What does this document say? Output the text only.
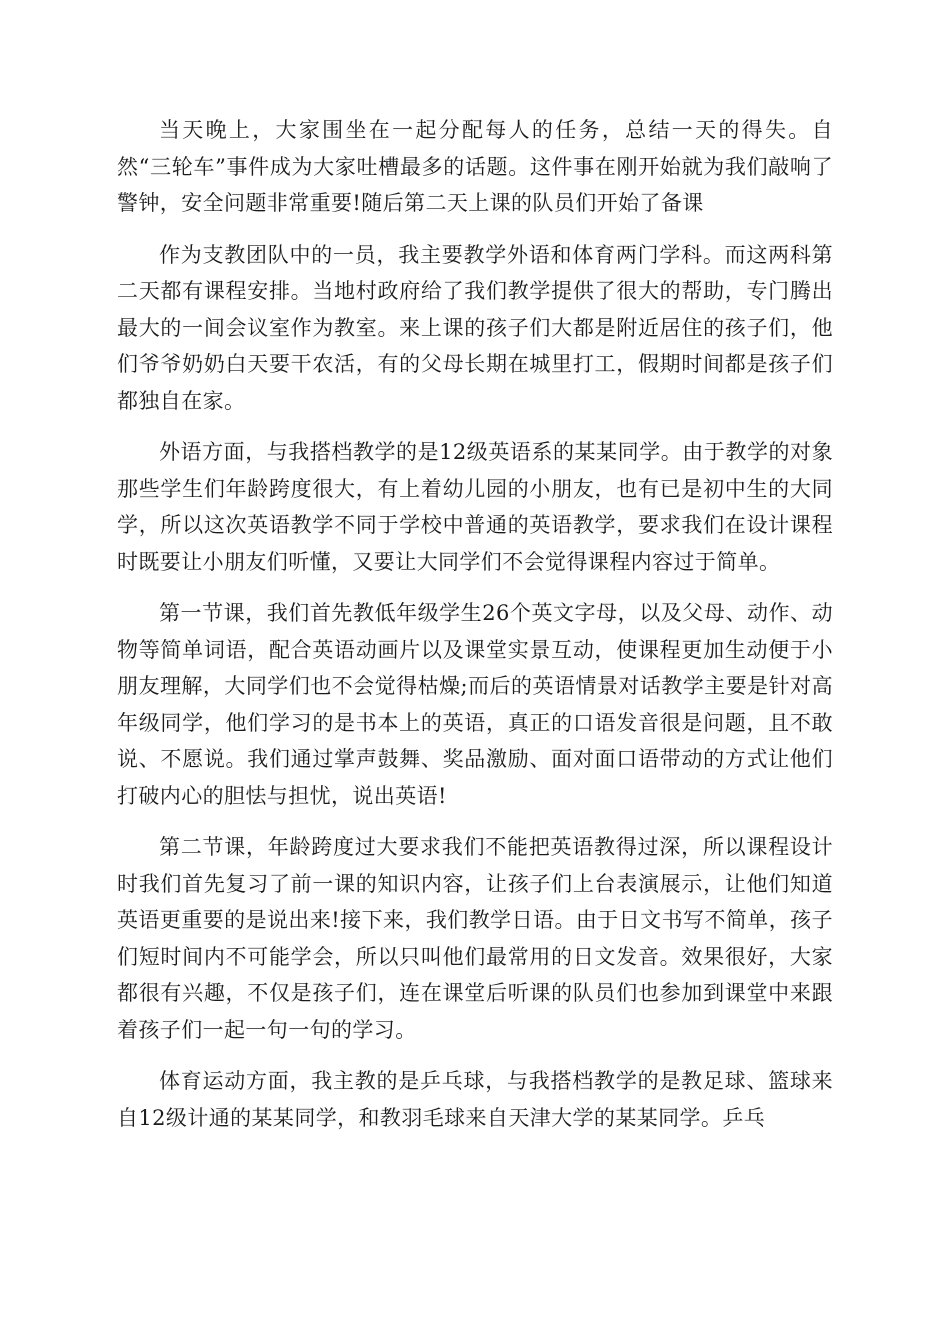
当天晚上，大家围坐在一起分配每人的任务，总结一天的得失。自然“三轮车”事件成为大家吐槽最多的话题。这件事在刚开始就为我们敲响了警钟，安全问题非常重要!随后第二天上课的队员们开始了备课

作为支教团队中的一员，我主要教学外语和体育两门学科。而这两科第二天都有课程安排。当地村政府给了我们教学提供了很大的帮助，专门腾出最大的一间会议室作为教室。来上课的孩子们大都是附近居住的孩子们，他们爷爷奶奶白天要干农活，有的父母长期在城里打工，假期时间都是孩子们都独自在家。

外语方面，与我搭档教学的是12级英语系的某某同学。由于教学的对象那些学生们年龄跨度很大，有上着幼儿园的小朋友，也有已是初中生的大同学，所以这次英语教学不同于学校中普通的英语教学，要求我们在设计课程时既要让小朋友们听懂，又要让大同学们不会觉得课程内容过于简单。

第一节课，我们首先教低年级学生26个英文字母，以及父母、动作、动物等简单词语，配合英语动画片以及课堂实景互动，使课程更加生动便于小朋友理解，大同学们也不会觉得枯燥;而后的英语情景对话教学主要是针对高年级同学，他们学习的是书本上的英语，真正的口语发音很是问题，且不敢说、不愿说。我们通过掌声鼓舞、奖品激励、面对面口语带动的方式让他们打破内心的胆怯与担忧，说出英语!

第二节课，年龄跨度过大要求我们不能把英语教得过深，所以课程设计时我们首先复习了前一课的知识内容，让孩子们上台表演展示，让他们知道英语更重要的是说出来!接下来，我们教学日语。由于日文书写不简单，孩子们短时间内不可能学会，所以只叫他们最常用的日文发音。效果很好，大家都很有兴趣，不仅是孩子们，连在课堂后听课的队员们也参加到课堂中来跟着孩子们一起一句一句的学习。

体育运动方面，我主教的是乒乓球，与我搭档教学的是教足球、篮球来自12级计通的某某同学，和教羽毛球来自天津大学的某某同学。乒乓
